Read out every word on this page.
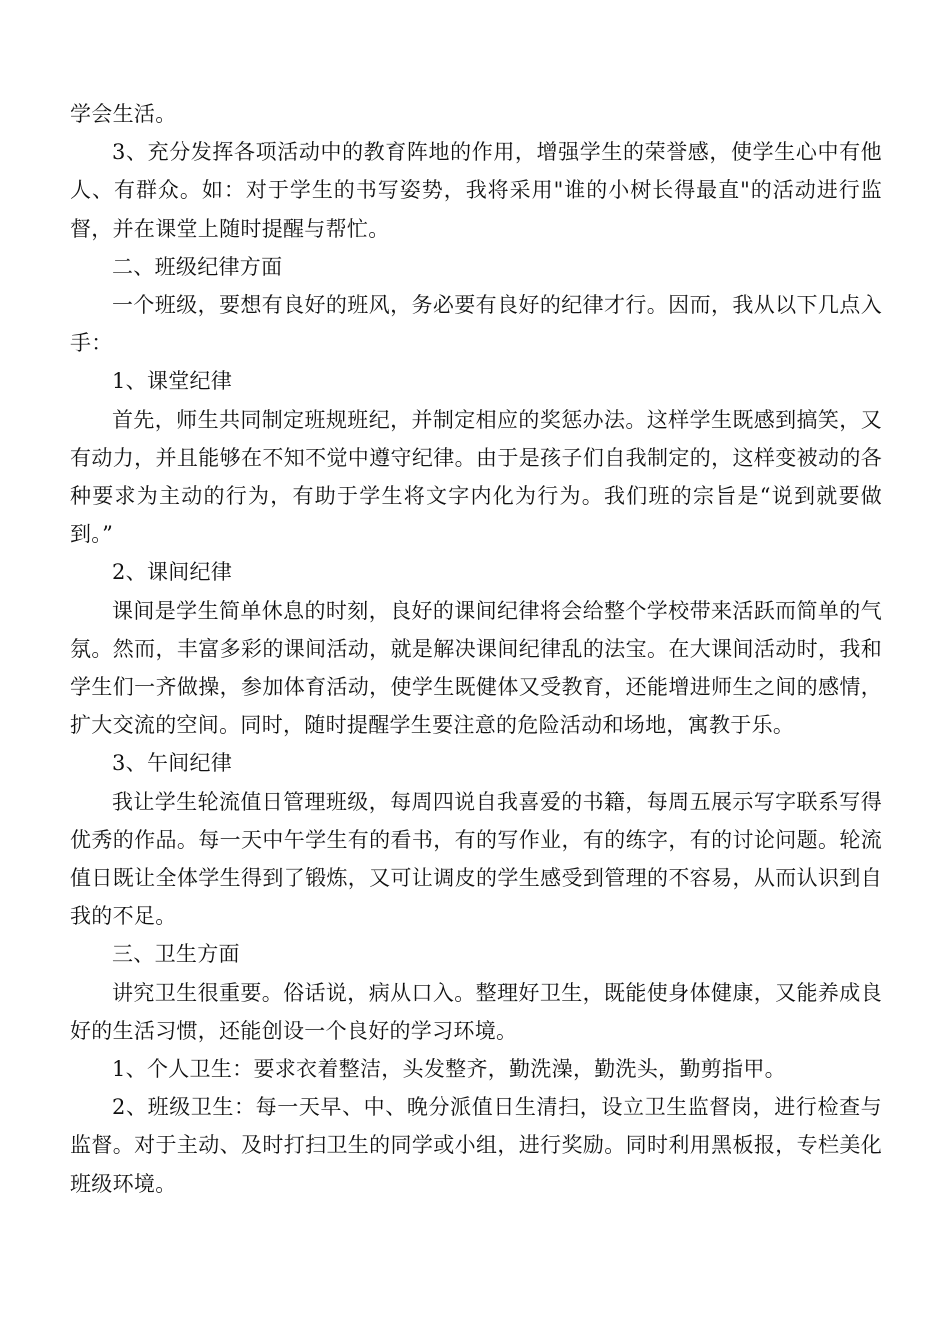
学会生活。

3、充分发挥各项活动中的教育阵地的作用，增强学生的荣誉感，使学生心中有他人、有群众。如：对于学生的书写姿势，我将采用"谁的小树长得最直"的活动进行监督，并在课堂上随时提醒与帮忙。

二、班级纪律方面

一个班级，要想有良好的班风，务必要有良好的纪律才行。因而，我从以下几点入手：

1、课堂纪律

首先，师生共同制定班规班纪，并制定相应的奖惩办法。这样学生既感到搞笑，又有动力，并且能够在不知不觉中遵守纪律。由于是孩子们自我制定的，这样变被动的各种要求为主动的行为，有助于学生将文字内化为行为。我们班的宗旨是“说到就要做到。”

2、课间纪律

课间是学生简单休息的时刻，良好的课间纪律将会给整个学校带来活跃而简单的气氛。然而，丰富多彩的课间活动，就是解决课间纪律乱的法宝。在大课间活动时，我和学生们一齐做操，参加体育活动，使学生既健体又受教育，还能增进师生之间的感情，扩大交流的空间。同时，随时提醒学生要注意的危险活动和场地，寓教于乐。

3、午间纪律

我让学生轮流值日管理班级，每周四说自我喜爱的书籍，每周五展示写字联系写得优秀的作品。每一天中午学生有的看书，有的写作业，有的练字，有的讨论问题。轮流值日既让全体学生得到了锻炼，又可让调皮的学生感受到管理的不容易，从而认识到自我的不足。

三、卫生方面

讲究卫生很重要。俗话说，病从口入。整理好卫生，既能使身体健康，又能养成良好的生活习惯，还能创设一个良好的学习环境。

1、个人卫生：要求衣着整洁，头发整齐，勤洗澡，勤洗头，勤剪指甲。

2、班级卫生：每一天早、中、晚分派值日生清扫，设立卫生监督岗，进行检查与监督。对于主动、及时打扫卫生的同学或小组，进行奖励。同时利用黑板报，专栏美化班级环境。
